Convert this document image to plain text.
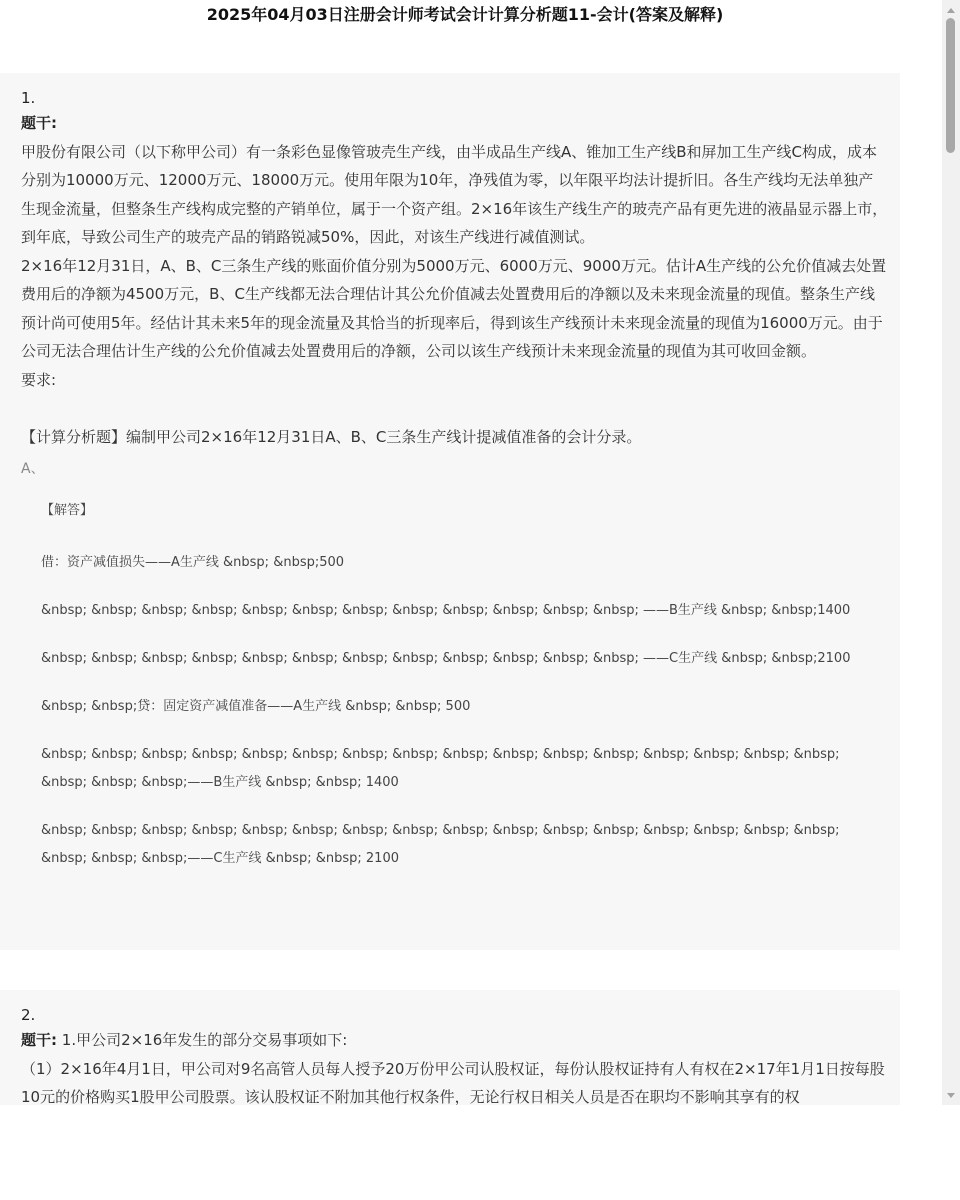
2025年04月03日注册会计师考试会计计算分析题11-会计(答案及解释)
1.
题干:

甲股份有限公司（以下称甲公司）有一条彩色显像管玻壳生产线，由半成品生产线A、锥加工生产线B和屏加工生产线C构成，成本分别为10000万元、12000万元、18000万元。使用年限为10年，净残值为零，以年限平均法计提折旧。各生产线均无法单独产生现金流量，但整条生产线构成完整的产销单位，属于一个资产组。2×16年该生产线生产的玻壳产品有更先进的液晶显示器上市，到年底，导致公司生产的玻壳产品的销路锐减50%，因此，对该生产线进行减值测试。

2×16年12月31日，A、B、C三条生产线的账面价值分别为5000万元、6000万元、9000万元。估计A生产线的公允价值减去处置费用后的净额为4500万元，B、C生产线都无法合理估计其公允价值减去处置费用后的净额以及未来现金流量的现值。整条生产线预计尚可使用5年。经估计其未来5年的现金流量及其恰当的折现率后，得到该生产线预计未来现金流量的现值为16000万元。由于公司无法合理估计生产线的公允价值减去处置费用后的净额，公司以该生产线预计未来现金流量的现值为其可收回金额。

要求:

【计算分析题】编制甲公司2×16年12月31日A、B、C三条生产线计提减值准备的会计分录。
A、
【解答】
借：资产减值损失——A生产线 &nbsp; &nbsp;500
&nbsp; &nbsp; &nbsp; &nbsp; &nbsp; &nbsp; &nbsp; &nbsp; &nbsp; &nbsp; &nbsp; &nbsp; ——B生产线 &nbsp; &nbsp;1400
&nbsp; &nbsp; &nbsp; &nbsp; &nbsp; &nbsp; &nbsp; &nbsp; &nbsp; &nbsp; &nbsp; &nbsp; ——C生产线 &nbsp; &nbsp;2100
&nbsp; &nbsp;贷：固定资产减值准备——A生产线 &nbsp; &nbsp; 500
&nbsp; &nbsp; &nbsp; &nbsp; &nbsp; &nbsp; &nbsp; &nbsp; &nbsp; &nbsp; &nbsp; &nbsp; &nbsp; &nbsp; &nbsp; &nbsp; &nbsp; &nbsp; &nbsp;——B生产线 &nbsp; &nbsp; 1400
&nbsp; &nbsp; &nbsp; &nbsp; &nbsp; &nbsp; &nbsp; &nbsp; &nbsp; &nbsp; &nbsp; &nbsp; &nbsp; &nbsp; &nbsp; &nbsp; &nbsp; &nbsp; &nbsp;——C生产线 &nbsp; &nbsp; 2100
2.
题干: 1.甲公司2×16年发生的部分交易事项如下:

（1）2×16年4月1日，甲公司对9名高管人员每人授予20万份甲公司认股权证，每份认股权证持有人有权在2×17年1月1日按每股10元的价格购买1股甲公司股票。该认股权证不附加其他行权条件，无论行权日相关人员是否在职均不影响其享有的权
